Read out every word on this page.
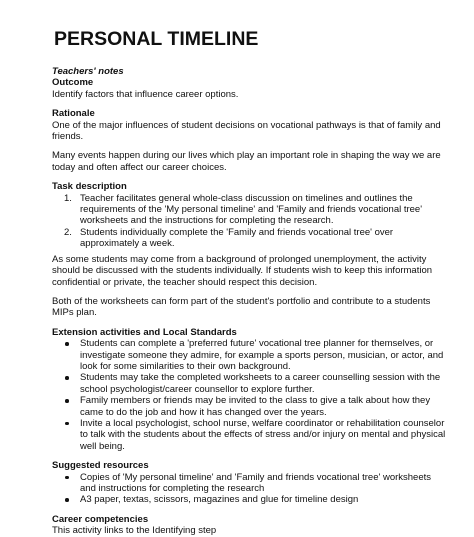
PERSONAL TIMELINE

Teachers' notes

Outcome

Identify factors that influence career options.

Rationale

One of the major influences of student decisions on vocational pathways is that of family and friends.

Many events happen during our lives which play an important role in shaping the way we are today and often affect our career choices.

Task description

1. Teacher facilitates general whole-class discussion on timelines and outlines the requirements of the 'My personal timeline' and 'Family and friends vocational tree' worksheets and the instructions for completing the research.
2. Students individually complete the 'Family and friends vocational tree' over approximately a week.

As some students may come from a background of prolonged unemployment, the activity should be discussed with the students individually. If students wish to keep this information confidential or private, the teacher should respect this decision.

Both of the worksheets can form part of the student's portfolio and contribute to a students MIPs plan.

Extension activities and Local Standards

Students can complete a 'preferred future' vocational tree planner for themselves, or investigate someone they admire, for example a sports person, musician, or actor, and look for some similarities to their own background.
Students may take the completed worksheets to a career counselling session with the school psychologist/career counsellor to explore further.
Family members or friends may be invited to the class to give a talk about how they came to do the job and how it has changed over the years.
Invite a local psychologist, school nurse, welfare coordinator or rehabilitation counselor to talk with the students about the effects of stress and/or injury on mental and physical well being.

Suggested resources

Copies of 'My personal timeline' and 'Family and friends vocational tree' worksheets and instructions for completing the research
A3 paper, textas, scissors, magazines and glue for timeline design

Career competencies

This activity links to the Identifying step
